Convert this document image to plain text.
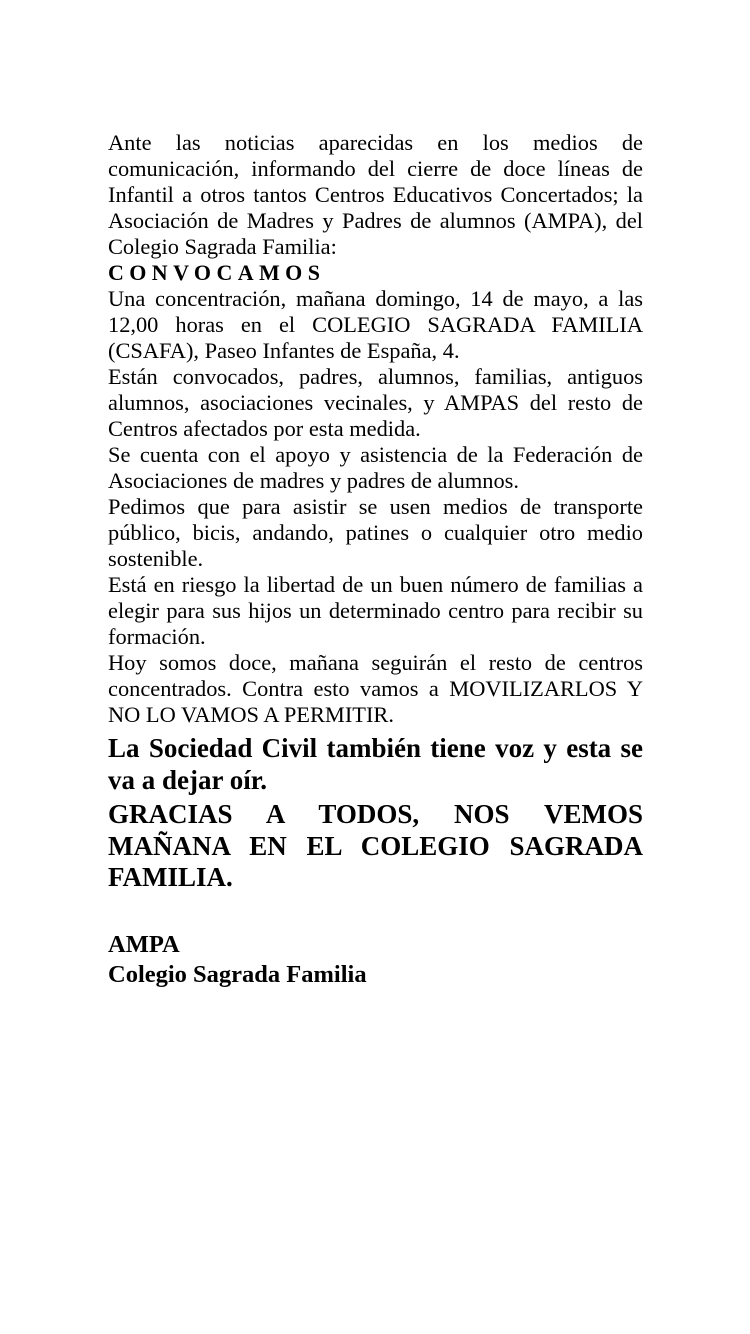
Ante las noticias aparecidas en los medios de comunicación, informando del cierre de doce líneas de Infantil a otros tantos Centros Educativos Concertados; la Asociación de Madres y Padres de alumnos (AMPA), del Colegio Sagrada Familia:

CONVOCAMOS

Una concentración, mañana domingo, 14 de mayo, a las 12,00 horas en el COLEGIO SAGRADA FAMILIA (CSAFA), Paseo Infantes de España, 4.

Están convocados, padres, alumnos, familias, antiguos alumnos, asociaciones vecinales, y AMPAS del resto de Centros afectados por esta medida.

Se cuenta con el apoyo y asistencia de la Federación de Asociaciones de madres y padres de alumnos.

Pedimos que para asistir se usen medios de transporte público, bicis, andando, patines o cualquier otro medio sostenible.

Está en riesgo la libertad de un buen número de familias a elegir para sus hijos un determinado centro para recibir su formación.

Hoy somos doce, mañana seguirán el resto de centros concentrados. Contra esto vamos a MOVILIZARLOS Y NO LO VAMOS A PERMITIR.

La Sociedad Civil también tiene voz y esta se va a dejar oír.

GRACIAS A TODOS, NOS VEMOS MAÑANA EN EL COLEGIO SAGRADA FAMILIA.

AMPA

Colegio Sagrada Familia
